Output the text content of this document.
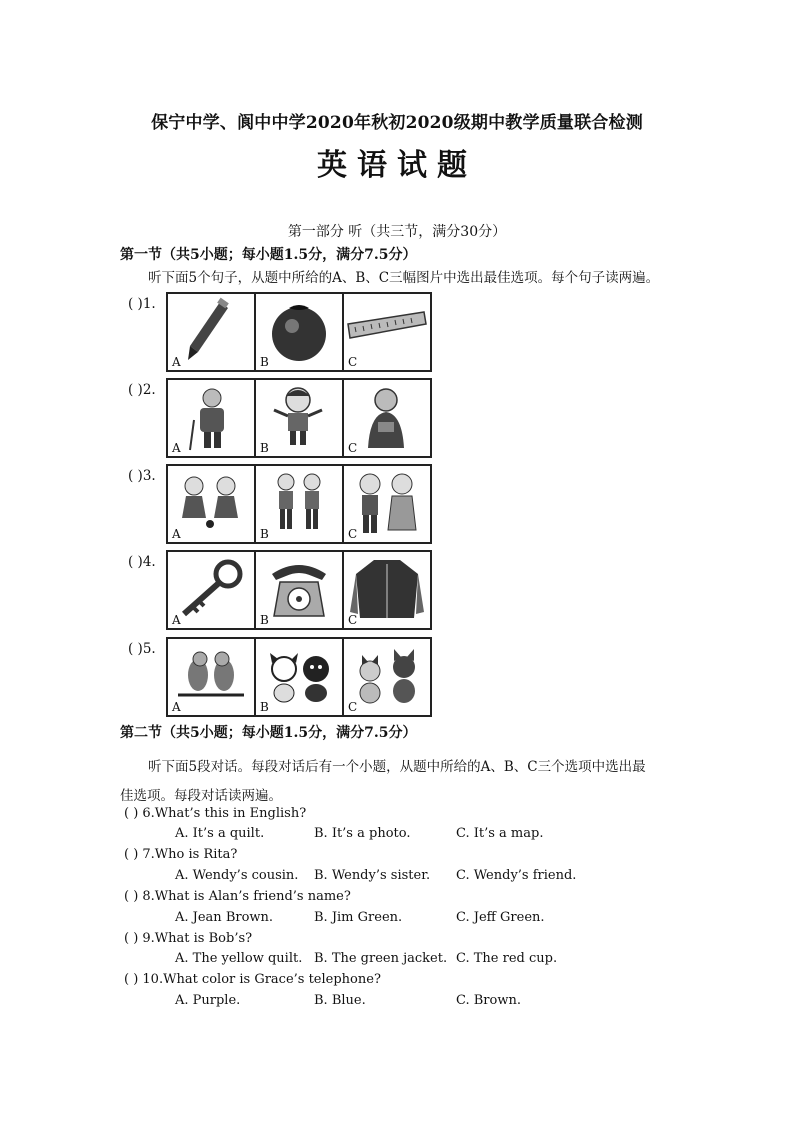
保宁中学、阆中中学2020年秋初2020级期中教学质量联合检测
英语试题
第一部分 听（共三节，满分30分）
第一节（共5小题；每小题1.5分，满分7.5分）
听下面5个句子，从题中所给的A、B、C三幅图片中选出最佳选项。每个句子读两遍。
( )1.
A	B	C
( )2.
A	B	C
( )3.
A	B	C
( )4.
A	B	C
( )5.
A	B	C
第二节（共5小题；每小题1.5分，满分7.5分）
听下面5段对话。每段对话后有一个小题，从题中所给的A、B、C三个选项中选出最
佳选项。每段对话读两遍。
( ) 6.What’s this in English?
A. It’s a quilt.	B. It’s a photo.	C. It’s a map.
( ) 7.Who is Rita?
A. Wendy’s cousin. B. Wendy’s sister. C. Wendy’s friend.
( ) 8.What is Alan’s friend’s name?
A. Jean Brown.	B. Jim Green.	C. Jeff Green.
( ) 9.What is Bob’s?
A. The yellow quilt. B. The green jacket. C. The red cup.
( ) 10.What color is Grace’s telephone?
A. Purple.	B. Blue.	C. Brown.
